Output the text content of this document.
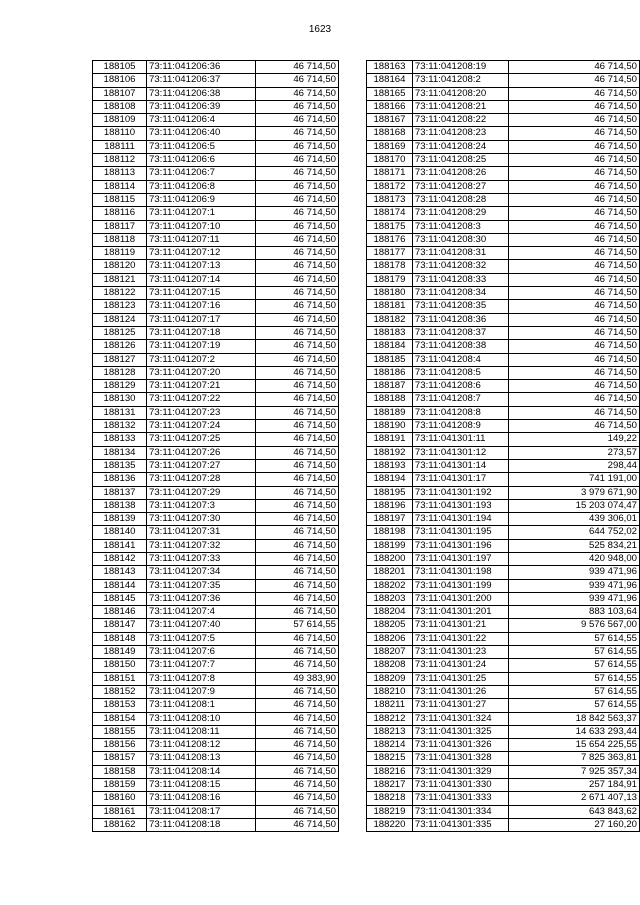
1623
188105	73:11:041206:36	46 714,50
188106	73:11:041206:37	46 714,50
188107	73:11:041206:38	46 714,50
188108	73:11:041206:39	46 714,50
188109	73:11:041206:4	46 714,50
188110	73:11:041206:40	46 714,50
188111	73:11:041206:5	46 714,50
188112	73:11:041206:6	46 714,50
188113	73:11:041206:7	46 714,50
188114	73:11:041206:8	46 714,50
188115	73:11:041206:9	46 714,50
188116	73:11:041207:1	46 714,50
188117	73:11:041207:10	46 714,50
188118	73:11:041207:11	46 714,50
188119	73:11:041207:12	46 714,50
188120	73:11:041207:13	46 714,50
188121	73:11:041207:14	46 714,50
188122	73:11:041207:15	46 714,50
188123	73:11:041207:16	46 714,50
188124	73:11:041207:17	46 714,50
188125	73:11:041207:18	46 714,50
188126	73:11:041207:19	46 714,50
188127	73:11:041207:2	46 714,50
188128	73:11:041207:20	46 714,50
188129	73:11:041207:21	46 714,50
188130	73:11:041207:22	46 714,50
188131	73:11:041207:23	46 714,50
188132	73:11:041207:24	46 714,50
188133	73:11:041207:25	46 714,50
188134	73:11:041207:26	46 714,50
188135	73:11:041207:27	46 714,50
188136	73:11:041207:28	46 714,50
188137	73:11:041207:29	46 714,50
188138	73:11:041207:3	46 714,50
188139	73:11:041207:30	46 714,50
188140	73:11:041207:31	46 714,50
188141	73:11:041207:32	46 714,50
188142	73:11:041207:33	46 714,50
188143	73:11:041207:34	46 714,50
188144	73:11:041207:35	46 714,50
188145	73:11:041207:36	46 714,50
188146	73:11:041207:4	46 714,50
188147	73:11:041207:40	57 614,55
188148	73:11:041207:5	46 714,50
188149	73:11:041207:6	46 714,50
188150	73:11:041207:7	46 714,50
188151	73:11:041207:8	49 383,90
188152	73:11:041207:9	46 714,50
188153	73:11:041208:1	46 714,50
188154	73:11:041208:10	46 714,50
188155	73:11:041208:11	46 714,50
188156	73:11:041208:12	46 714,50
188157	73:11:041208:13	46 714,50
188158	73:11:041208:14	46 714,50
188159	73:11:041208:15	46 714,50
188160	73:11:041208:16	46 714,50
188161	73:11:041208:17	46 714,50
188162	73:11:041208:18	46 714,50
188163	73:11:041208:19	46 714,50
188164	73:11:041208:2	46 714,50
188165	73:11:041208:20	46 714,50
188166	73:11:041208:21	46 714,50
188167	73:11:041208:22	46 714,50
188168	73:11:041208:23	46 714,50
188169	73:11:041208:24	46 714,50
188170	73:11:041208:25	46 714,50
188171	73:11:041208:26	46 714,50
188172	73:11:041208:27	46 714,50
188173	73:11:041208:28	46 714,50
188174	73:11:041208:29	46 714,50
188175	73:11:041208:3	46 714,50
188176	73:11:041208:30	46 714,50
188177	73:11:041208:31	46 714,50
188178	73:11:041208:32	46 714,50
188179	73:11:041208:33	46 714,50
188180	73:11:041208:34	46 714,50
188181	73:11:041208:35	46 714,50
188182	73:11:041208:36	46 714,50
188183	73:11:041208:37	46 714,50
188184	73:11:041208:38	46 714,50
188185	73:11:041208:4	46 714,50
188186	73:11:041208:5	46 714,50
188187	73:11:041208:6	46 714,50
188188	73:11:041208:7	46 714,50
188189	73:11:041208:8	46 714,50
188190	73:11:041208:9	46 714,50
188191	73:11:041301:11	149,22
188192	73:11:041301:12	273,57
188193	73:11:041301:14	298,44
188194	73:11:041301:17	741 191,00
188195	73:11:041301:192	3 979 671,90
188196	73:11:041301:193	15 203 074,47
188197	73:11:041301:194	439 306,01
188198	73:11:041301:195	644 752,02
188199	73:11:041301:196	525 834,21
188200	73:11:041301:197	420 948,00
188201	73:11:041301:198	939 471,96
188202	73:11:041301:199	939 471,96
188203	73:11:041301:200	939 471,96
188204	73:11:041301:201	883 103,64
188205	73:11:041301:21	9 576 567,00
188206	73:11:041301:22	57 614,55
188207	73:11:041301:23	57 614,55
188208	73:11:041301:24	57 614,55
188209	73:11:041301:25	57 614,55
188210	73:11:041301:26	57 614,55
188211	73:11:041301:27	57 614,55
188212	73:11:041301:324	18 842 563,37
188213	73:11:041301:325	14 633 293,44
188214	73:11:041301:326	15 654 225,55
188215	73:11:041301:328	7 825 363,81
188216	73:11:041301:329	7 925 357,34
188217	73:11:041301:330	257 184,91
188218	73:11:041301:333	2 671 407,13
188219	73:11:041301:334	643 843,62
188220	73:11:041301:335	27 160,20
